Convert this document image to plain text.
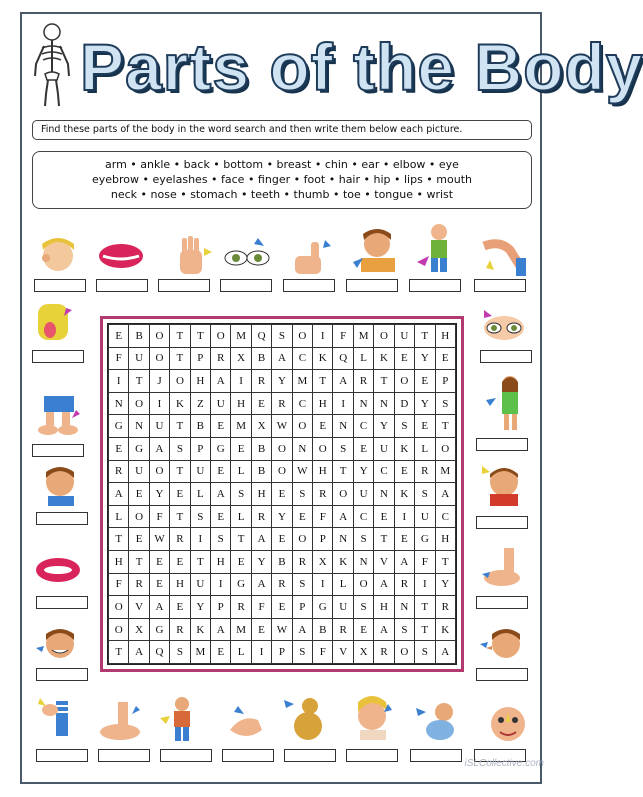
Parts of the Body
Find these parts of the body in the word search and then write them below each picture.
arm • ankle • back • bottom • breast • chin • ear • elbow • eye
eyebrow • eyelashes • face • finger • foot • hair • hip • lips • mouth
neck • nose • stomach • teeth • thumb • toe • tongue • wrist
E	B	O	T	T	O	M	Q	S	O	I	F	M	O	U	T	H
F	U	O	T	P	R	X	B	A	C	K	Q	L	K	E	Y	E
I	T	J	O	H	A	I	R	Y	M	T	A	R	T	O	E	P
N	O	I	K	Z	U	H	E	R	C	H	I	N	N	D	Y	S
G	N	U	T	B	E	M	X	W	O	E	N	C	Y	S	E	T
E	G	A	S	P	G	E	B	O	N	O	S	E	U	K	L	O
R	U	O	T	U	E	L	B	O	W	H	T	Y	C	E	R	M
A	E	Y	E	L	A	S	H	E	S	R	O	U	N	K	S	A
L	O	F	T	S	E	L	R	Y	E	F	A	C	E	I	U	C
T	E	W	R	I	S	T	A	E	O	P	N	S	T	E	G	H
H	T	E	E	T	H	E	Y	B	R	X	K	N	V	A	F	T
F	R	E	H	U	I	G	A	R	S	I	L	O	A	R	I	Y
O	V	A	E	Y	P	R	F	E	P	G	U	S	H	N	T	R
O	X	G	R	K	A	M	E	W	A	B	R	E	A	S	T	K
T	A	Q	S	M	E	L	I	P	S	F	V	X	R	O	S	A
iSLCollective.com
